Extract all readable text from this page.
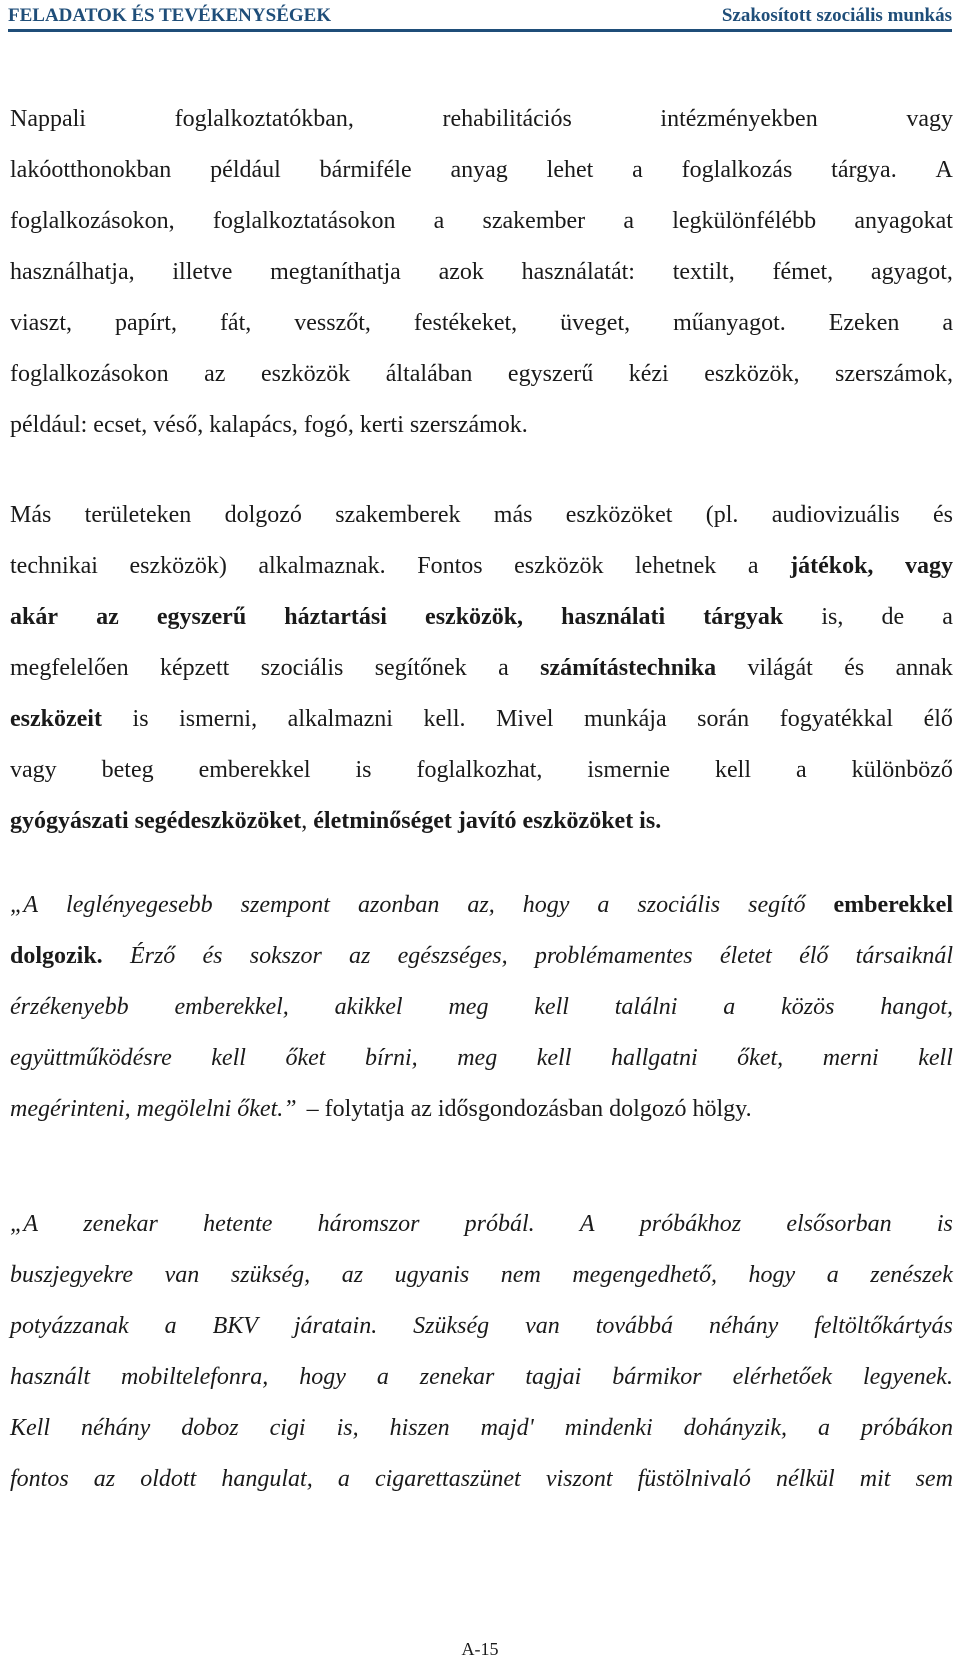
FELADATOK ÉS TEVÉKENYSÉGEK	Szakosított szociális munkás
Nappali	foglalkoztatókban,	rehabilitációs	intézményekben	vagy
lakóotthonokban például bármiféle anyag lehet a foglalkozás tárgya. A
foglalkozásokon, foglalkoztatásokon a szakember a legkülönfélébb anyagokat
használhatja, illetve megtaníthatja azok használatát: textilt, fémet, agyagot,
viaszt, papírt, fát, vesszőt, festékeket, üveget, műanyagot. Ezeken a
foglalkozásokon az eszközök általában egyszerű kézi eszközök, szerszámok,
például: ecset, véső, kalapács, fogó, kerti szerszámok.
Más területeken dolgozó szakemberek más eszközöket (pl. audiovizuális és
technikai eszközök) alkalmaznak. Fontos eszközök lehetnek a játékok, vagy
akár az egyszerű háztartási eszközök, használati tárgyak is, de a
megfelelően képzett szociális segítőnek a számítástechnika világát és annak
eszközeit is ismerni, alkalmazni kell. Mivel munkája során fogyatékkal élő
vagy beteg emberekkel is foglalkozhat, ismernie kell a különböző
gyógyászati segédeszközöket , életminőséget javító eszközöket is.
„A leglényegesebb szempont azonban az, hogy a szociális segítő emberekkel
dolgozik. Érző és sokszor az egészséges, problémamentes életet élő társaiknál
érzékenyebb emberekkel, akikkel meg kell találni a közös hangot,
együttműködésre kell őket bírni, meg kell hallgatni őket, merni kell
megérinteni, megölelni őket.” – folytatja az idősgondozásban dolgozó hölgy.
„A zenekar hetente háromszor próbál. A próbákhoz elsősorban is
buszjegyekre van szükség, az ugyanis nem megengedhető, hogy a zenészek
potyázzanak a BKV járatain. Szükség van továbbá néhány feltöltőkártyás
használt mobiltelefonra, hogy a zenekar tagjai bármikor elérhetőek legyenek.
Kell néhány doboz cigi is, hiszen majd' mindenki dohányzik, a próbákon
fontos az oldott hangulat, a cigarettaszünet viszont füstölnivaló nélkül mit sem
A-15
